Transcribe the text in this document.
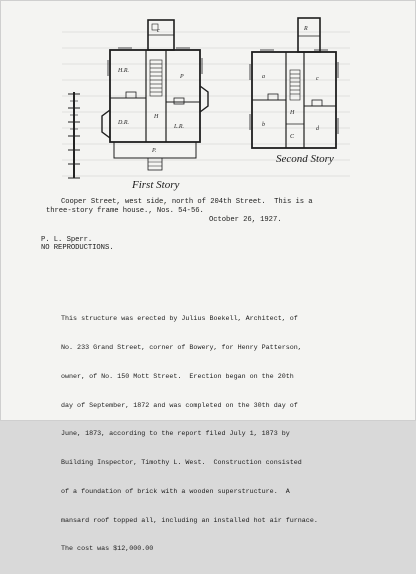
c
H.R.
D.R.
P
H
L.R.
P.
a
b
c
d
H
C
R
First Story
Second Story
Cooper Street, west side, north of 204th Street.  This is a
three-story frame house., Nos. 54-56.
October 26, 1927.
P. L. Sperr.
NO REPRODUCTIONS.

This structure was erected by Julius Boekell, Architect, of

No. 233 Grand Street, corner of Bowery, for Henry Patterson,

owner, of No. 150 Mott Street.  Erection began on the 20th

day of September, 1872 and was completed on the 30th day of

June, 1873, according to the report filed July 1, 1873 by

Building Inspector, Timothy L. West.  Construction consisted

of a foundation of brick with a wooden superstructure.  A

mansard roof topped all, including an installed hot air furnace.

The cost was $12,000.00
